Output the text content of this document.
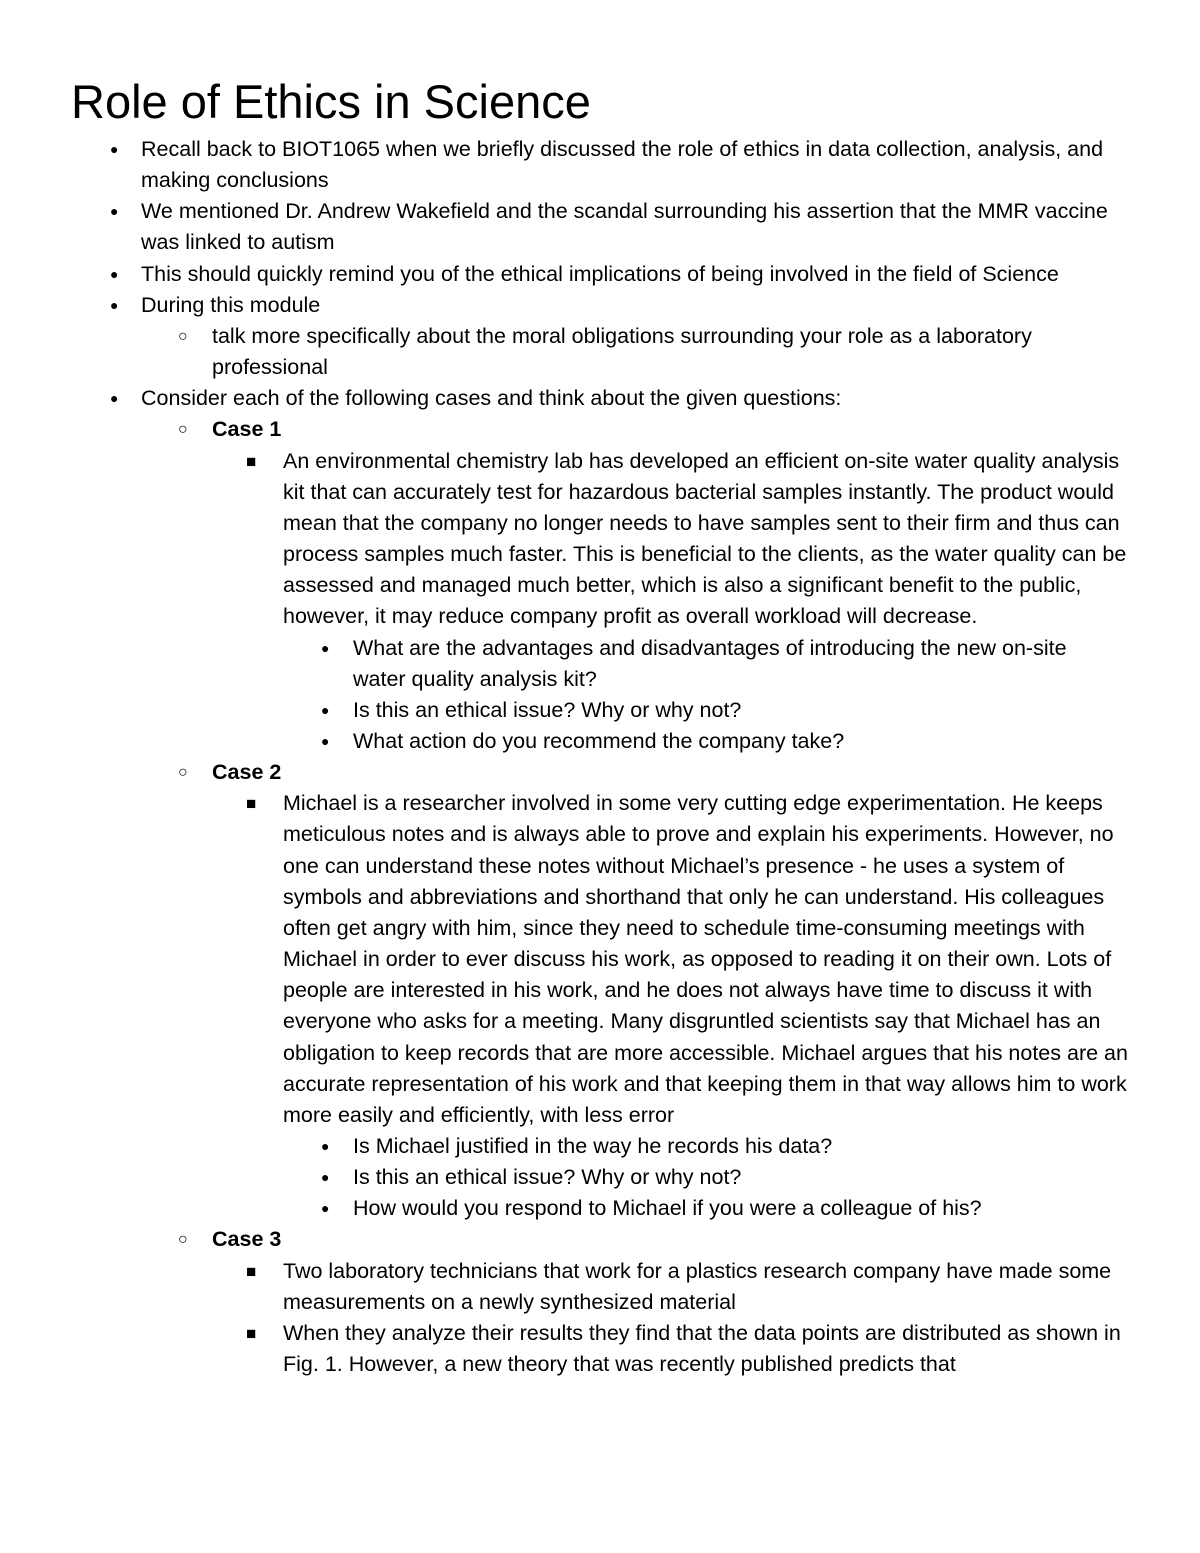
Role of Ethics in Science
● Recall back to BIOT1065 when we briefly discussed the role of ethics in data collection, analysis, and making conclusions
● We mentioned Dr. Andrew Wakefield and the scandal surrounding his assertion that the MMR vaccine was linked to autism
● This should quickly remind you of the ethical implications of being involved in the field of Science
● During this module
○ talk more specifically about the moral obligations surrounding your role as a laboratory professional
● Consider each of the following cases and think about the given questions:
○ Case 1
■ An environmental chemistry lab has developed an efficient on-site water quality analysis kit that can accurately test for hazardous bacterial samples instantly. The product would mean that the company no longer needs to have samples sent to their firm and thus can process samples much faster. This is beneficial to the clients, as the water quality can be assessed and managed much better, which is also a significant benefit to the public, however, it may reduce company profit as overall workload will decrease.
● What are the advantages and disadvantages of introducing the new on-site water quality analysis kit?
● Is this an ethical issue? Why or why not?
● What action do you recommend the company take?
○ Case 2
■ Michael is a researcher involved in some very cutting edge experimentation. He keeps meticulous notes and is always able to prove and explain his experiments. However, no one can understand these notes without Michael’s presence - he uses a system of symbols and abbreviations and shorthand that only he can understand. His colleagues often get angry with him, since they need to schedule time-consuming meetings with Michael in order to ever discuss his work, as opposed to reading it on their own. Lots of people are interested in his work, and he does not always have time to discuss it with everyone who asks for a meeting. Many disgruntled scientists say that Michael has an obligation to keep records that are more accessible. Michael argues that his notes are an accurate representation of his work and that keeping them in that way allows him to work more easily and efficiently, with less error
● Is Michael justified in the way he records his data?
● Is this an ethical issue? Why or why not?
● How would you respond to Michael if you were a colleague of his?
○ Case 3
■ Two laboratory technicians that work for a plastics research company have made some measurements on a newly synthesized material
■ When they analyze their results they find that the data points are distributed as shown in Fig. 1. However, a new theory that was recently published predicts that
